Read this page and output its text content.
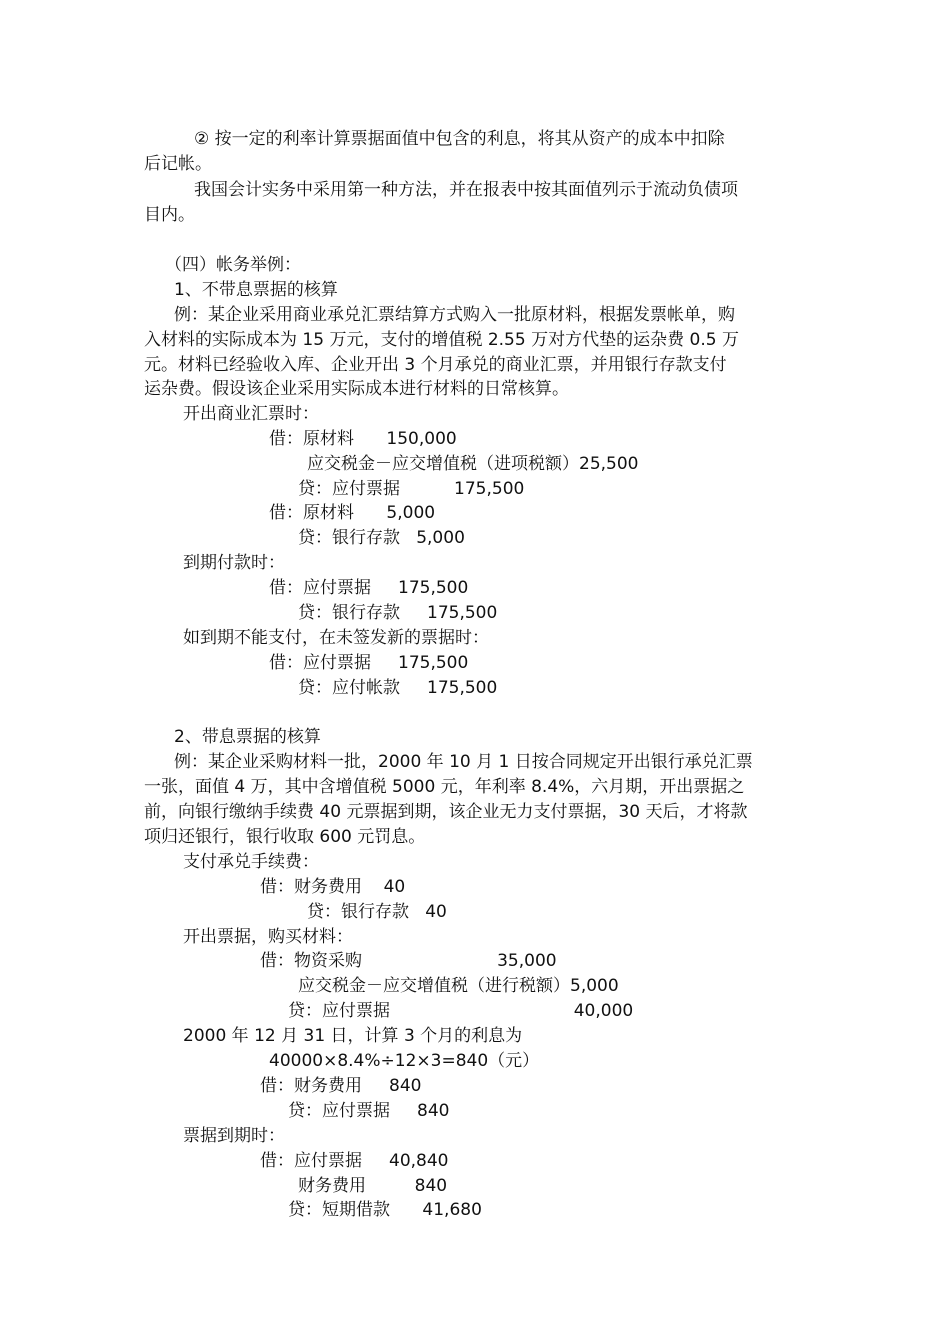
② 按一定的利率计算票据面值中包含的利息，将其从资产的成本中扣除
后记帐。
我国会计实务中采用第一种方法，并在报表中按其面值列示于流动负债项
目内。
（四）帐务举例：
1、不带息票据的核算
例：某企业采用商业承兑汇票结算方式购入一批原材料，根据发票帐单，购
入材料的实际成本为 15 万元，支付的增值税 2.55 万对方代垫的运杂费 0.5 万
元。材料已经验收入库、企业开出 3 个月承兑的商业汇票，并用银行存款支付
运杂费。假设该企业采用实际成本进行材料的日常核算。
开出商业汇票时：
借：原材料      150,000
应交税金－应交增值税（进项税额）25,500
贷：应付票据          175,500
借：原材料      5,000
贷：银行存款   5,000
到期付款时：
借：应付票据     175,500
贷：银行存款     175,500
如到期不能支付，在未签发新的票据时：
借：应付票据     175,500
贷：应付帐款     175,500
2、带息票据的核算
例：某企业采购材料一批，2000 年 10 月 1 日按合同规定开出银行承兑汇票
一张，面值 4 万，其中含增值税 5000 元，年利率 8.4%，六月期，开出票据之
前，向银行缴纳手续费 40 元票据到期，该企业无力支付票据，30 天后，才将款
项归还银行，银行收取 600 元罚息。
支付承兑手续费：
借：财务费用    40
贷：银行存款   40
开出票据，购买材料：
借：物资采购                         35,000
应交税金－应交增值税（进行税额）5,000
贷：应付票据                                  40,000
2000 年 12 月 31 日，计算 3 个月的利息为
40000×8.4%÷12×3=840（元）
借：财务费用     840
贷：应付票据     840
票据到期时：
借：应付票据     40,840
财务费用         840
贷：短期借款      41,680
